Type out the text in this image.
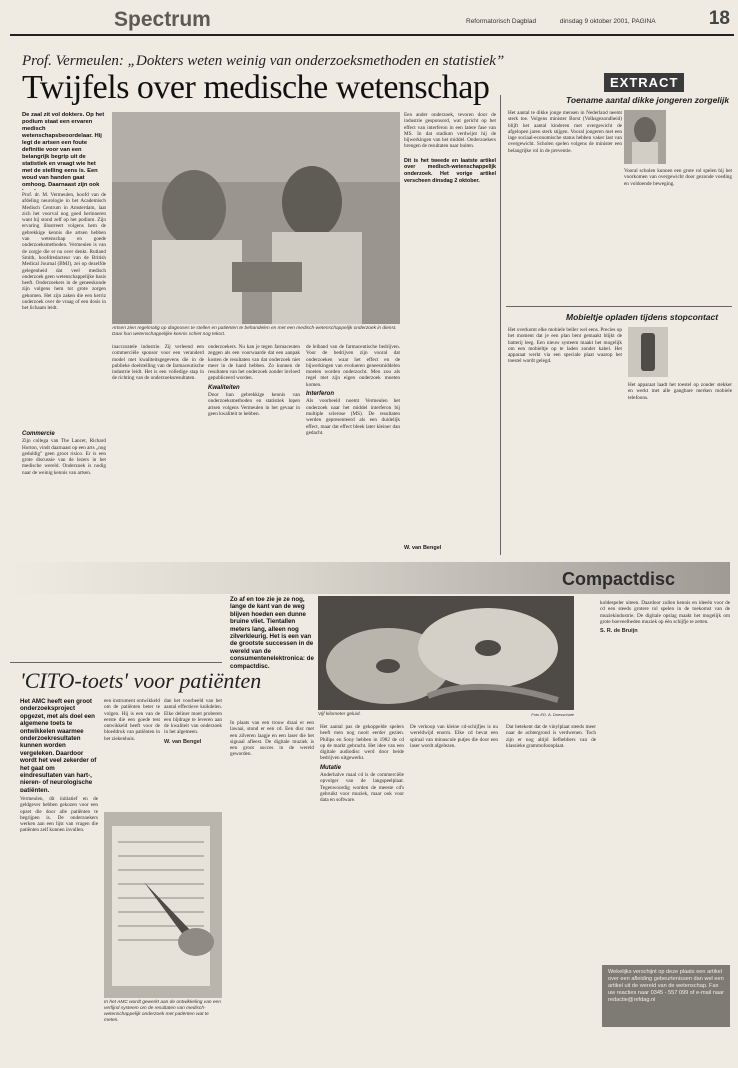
Spectrum	Reformatorisch Dagblad	dinsdag 9 oktober 2001, PAGINA	18
Prof. Vermeulen: „Dokters weten weinig van onderzoeksmethoden en statistiek”
Twijfels over medische wetenschap	EXTRACT
De zaal zit vol dokters. Op het podium staat een ervaren medisch wetenschapsbeoordelaar. Hij legt de artsen een foute definitie voor van een belangrijk begrip uit de statistiek en vraagt wie het met de stelling eens is. Een woud van handen gaat omhoog. Daarnaast zijn ook
Prof. dr. M. Vermeulen, hoofd van de afdeling neurologie in het Academisch Medisch Centrum in Amsterdam, laat zich het voorval nog goed herinneren want hij stond zelf op het podium. Zijn ervaring illustreert volgens hem de gebrekkige kennis die artsen hebben van wetenschap en goede onderzoeksmethoden. Vermeulen is van de zorgje die er nu over denkt. Rutland Smith, hoofdredacteur van de British Medical Journal (BMJ), zei op dezelfde gelegenheid dat veel medisch onderzoek geen wetenschappelijke basis heeft. Onderzoekers in de geneeskunde zijn volgens hem tot grote zorgen gekomen. Het zijn zaken die een kerriz onderzoek over de vraag of een dosis in het lichaam leidt.
Commercie
Zijn collega van The Lancet, Richard Horton, vindt daarnaast op een arts „nog geduldig” geen groot risico. Er is een grote discussie van de lezers in het medische wereld. Onderzoek is nodig naar de weinig kennis van artsen.
Artsen zien regelmatig op diagnoses te stellen en patiënten te behandelen en met een medisch-wetenschappelijk onderzoek in dienst. Daar hun wetenschappelijke kennis schiet nog tekort.
inaccuratele industrie. Zij verleend een commerciële sponsor voor een veranderd model met kwaliteitsgegevens die in de publieke doelstelling van de farmaceutische industrie leidt. Het is een volledige stap in de richting van de onderzoeksresultaten.
onderzoekers. Nu kan je tegen farmaceuten zeggen als een voorwaarde dat een aanpak kosten de resultaten van dat onderzoek niet meer in de hand hebben. Zo kunnen de resultaten van het onderzoek zonder invloed gepubliceerd worden.
Kwaliteiten
Door hun gebrekkige kennis van onderzoeksmethoden en statistiek lopen artsen volgens Vermeulen in het gevaar in geen kwaliteit te hebben.
de leiband van de farmaceutische bedrijven. Voor de bedrijven zijn vooral dat onderzoeken waar het effect en de bijwerkingen van evolueren geneesmiddelen moeten worden onderzocht. Men zou als regel met zijn eigen onderzoek moeten komen.
Interferon
Als voorbeeld noemt Vermeulen het onderzoek naar het middel interferon bij multiple sclerose (MS). De resultaten werden gepresenteerd als een duidelijk effect, maar dat effect bleek later kleiner dan gedacht.
Een ander onderzoek, tevoren door de industrie gesponsord, wat gericht op het effect van interferon in een latere fase van MS. In dat stadium verdwijnt hij de bijwerkingen van het middel. Onderzoekers brengen de resultaten naar buiten.
Dit is het tweede en laatste artikel over medisch-wetenschappelijk onderzoek. Het vorige artikel verscheen dinsdag 2 oktober.
W. van Bengel
Toename aantal dikke jongeren zorgelijk
Het aantal te dikke jonge mensen in Nederland neemt sterk toe. Volgens minister Borst (Volksgezondheid) blijft het aantal kinderen met overgewicht de afgelopen jaren sterk stijgen. Vooral jongeren met een lage sociaal-economische status hebben vaker last van overgewicht. Scholen spelen volgens de minister een belangrijke rol in de preventie.
Vooral scholen kunnen een grote rol spelen bij het voorkomen van overgewicht door gezonde voeding en voldoende beweging.
Mobieltje opladen tijdens stopcontact
Het overkomt elke mobiele beller wel eens. Precies op het moment dat je een plan bent gemaakt blijkt de batterij leeg. Een nieuw systeem maakt het mogelijk om een mobieltje op te laden zonder kabel. Het apparaat werkt via een speciale plaat waarop het toestel wordt gelegd.
Het apparaat laadt het toestel op zonder stekker en werkt met alle gangbare merken mobiele telefoons.
Compactdisc
Vijf kilometer geluid.	Foto ED. A. Doesschate
Zo af en toe zie je ze nog, lange de kant van de weg blijven hoeden een dunne bruine vliet. Tientallen meters lang, alleen nog zilverkleurig. Het is een van de grootste successen in de wereld van de consumentenelektronica: de compactdisc.
In plaats van een trouw draai er een lawaai, stond er een cd. Een disc met een zilveren laagje en een laser die het signaal afleest. De digitale muziek is een groot succes in de wereld geworden.
Het aantal pas de gekoppelde spelers heeft men nog nooit eerder gezien. Philips en Sony hebben in 1982 de cd op de markt gebracht. Het idee van een digitale audiodisc werd door beide bedrijven uitgewerkt.
Mutatie
Anderhalve maal cd is de commerciële opvolger van de langspeelplaat. Tegenwoordig worden de meeste cd's gebruikt voor muziek, maar ook voor data en software.
De verkoop van kleine cd-schijfjes is nu wereldwijd enorm. Elke cd bevat een spiraal van minuscule putjes die door een laser wordt afgelezen.
Dat betekent dat de vinylplaat steeds meer naar de achtergrond is verdwenen. Toch zijn er nog altijd liefhebbers van de klassieke grammofoonplaat.
koldespeler uiteen. Daardoor zullen kennis en ideeën voor de cd een steeds grotere rol spelen in de toekomst van de muziekindustrie. De digitale opslag maakt het mogelijk om grote hoeveelheden muziek op één schijfje te zetten.
S. R. de Bruijn
Wekelijks verschijnt op deze plaats een artikel over een afleiding gebeurtenissen dan wel een artikel uit de wereld van de wetenschap. Fax uw reacties naar 0345 - 557 099 of e-mail naar redactie@refdag.nl
'CITO-toets' voor patiënten
Het AMC heeft een groot onderzoeksproject opgezet, met als doel een algemene toets te ontwikkelen waarmee onderzoekresultaten kunnen worden vergeleken. Daardoor wordt het veel zekerder of het gaat om eindresultaten van hart-, nieren- of neurologische patiënten.
Vermeulen, dit initiatief en de geldgever hebben gekozen voor een opzet die door alle patiënten te begrijpen is. De onderzoekers werken aan een lijst van vragen die patiënten zelf kunnen invullen.
een instrument ontwikkeld om de patiënten beter te volgen. Hij is een van de eerste die een goede test ontwikkeld heeft voor de bloeddruk van patiënten in het ziekenhuis.
dan het voorbeeld van het aantal effectieve knikdelen. Elke deliner moet proberen een bijdrage te leveren aan de kwaliteit van onderzoek in het algemeen.
W. van Bengel
In het AMC wordt gewerkt aan de ontwikkeling van een verfijnd systeem om de resultaten van medisch-wetenschappelijk onderzoek met patiënten wat te meten.
